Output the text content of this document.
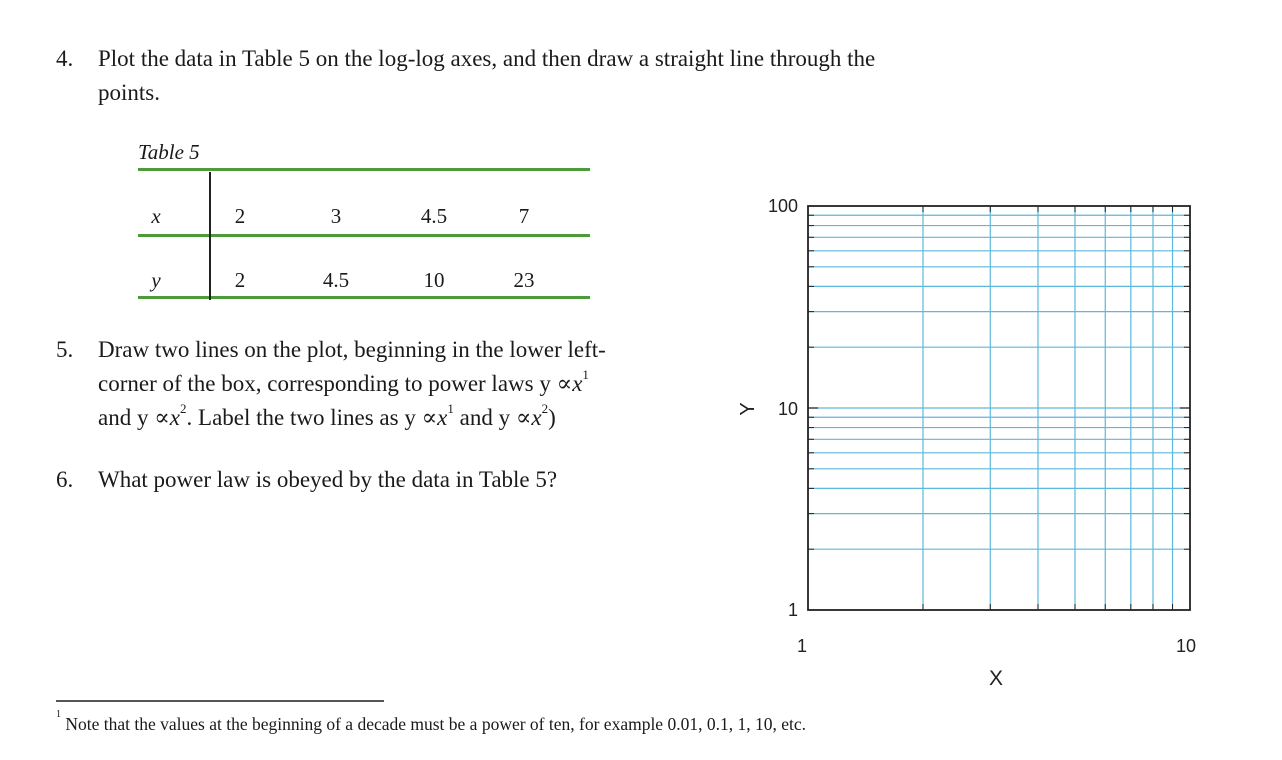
4. Plot the data in Table 5 on the log-log axes, and then draw a straight line through the
points.
Table 5
x	2	3	4.5	7
y	2	4.5	10	23
5. Draw two lines on the plot, beginning in the lower left-
corner of the box, corresponding to power laws $y \propto x^1$
and $y \propto x^2$. Label the two lines as $y \propto x^1$ and $y \propto x^2$)
6. What power law is obeyed by the data in Table 5?
100
10
1
Y
1	10
X
$^1$ Note that the values at the beginning of a decade must be a power of ten, for example 0.01, 0.1, 1, 10, etc.
